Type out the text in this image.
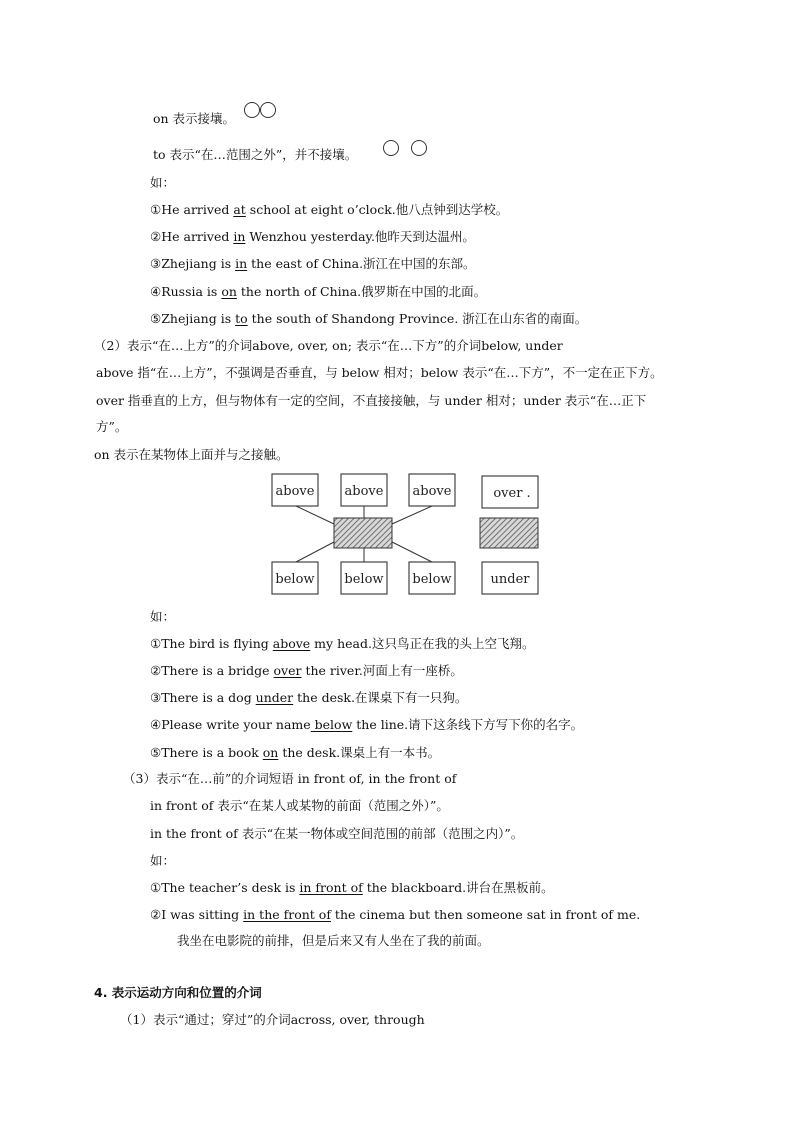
on 表示接壤。
to 表示“在…范围之外”，并不接壤。
如：
①He arrived at school at eight o’clock.他八点钟到达学校。
②He arrived in Wenzhou yesterday.他昨天到达温州。
③Zhejiang is in the east of China.浙江在中国的东部。
④Russia is on the north of China.俄罗斯在中国的北面。
⑤Zhejiang is to the south of Shandong Province. 浙江在山东省的南面。
（2）表示“在…上方”的介词above, over, on; 表示“在…下方”的介词below, under
above 指“在…上方”，不强调是否垂直，与 below 相对；below 表示“在…下方”，不一定在正下方。
over 指垂直的上方，但与物体有一定的空间，不直接接触，与 under 相对；under 表示“在…正下
方”。
on 表示在某物体上面并与之接触。
above above above
below below below
over .
under
如：
①The bird is flying above my head.这只鸟正在我的头上空飞翔。
②There is a bridge over the river.河面上有一座桥。
③There is a dog under the desk.在课桌下有一只狗。
④Please write your name below the line.请下这条线下方写下你的名字。
⑤There is a book on the desk.课桌上有一本书。
（3）表示“在…前”的介词短语 in front of, in the front of
in front of 表示“在某人或某物的前面（范围之外）”。
in the front of 表示“在某一物体或空间范围的前部（范围之内）”。
如：
①The teacher’s desk is in front of the blackboard.讲台在黑板前。
②I was sitting in the front of the cinema but then someone sat in front of me.
我坐在电影院的前排，但是后来又有人坐在了我的前面。
4. 表示运动方向和位置的介词
（1）表示“通过；穿过”的介词across, over, through
